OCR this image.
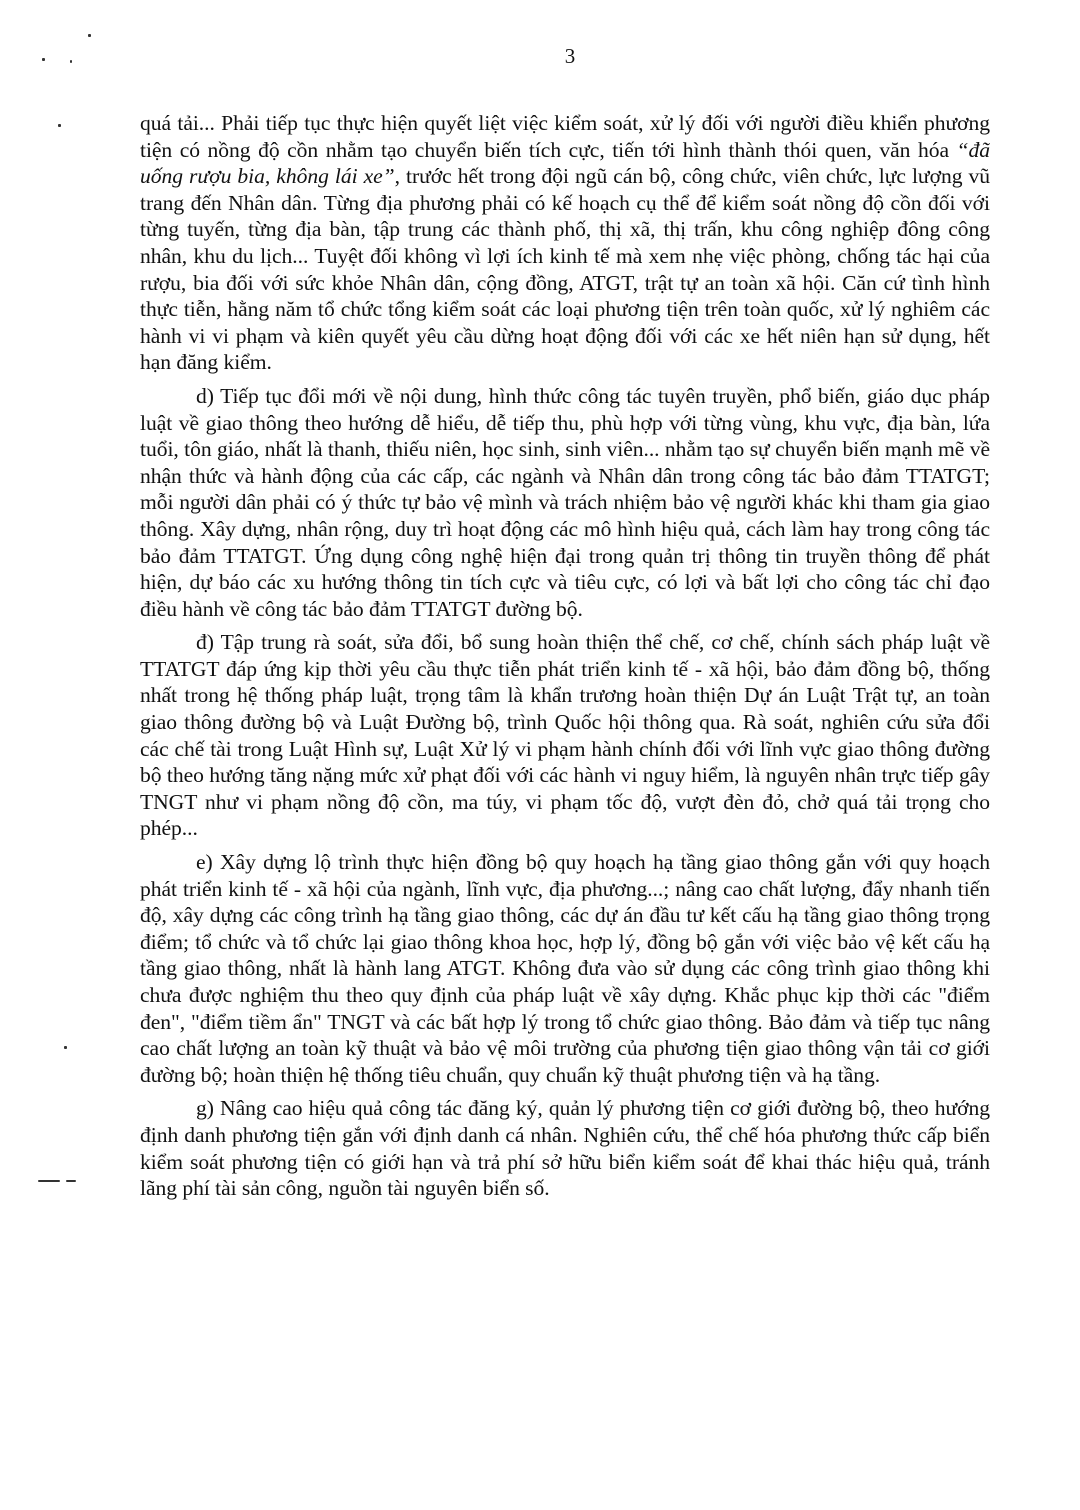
3

quá tải... Phải tiếp tục thực hiện quyết liệt việc kiểm soát, xử lý đối với người điều khiển phương tiện có nồng độ cồn nhằm tạo chuyển biến tích cực, tiến tới hình thành thói quen, văn hóa “đã uống rượu bia, không lái xe”, trước hết trong đội ngũ cán bộ, công chức, viên chức, lực lượng vũ trang đến Nhân dân. Từng địa phương phải có kế hoạch cụ thể để kiểm soát nồng độ cồn đối với từng tuyến, từng địa bàn, tập trung các thành phố, thị xã, thị trấn, khu công nghiệp đông công nhân, khu du lịch... Tuyệt đối không vì lợi ích kinh tế mà xem nhẹ việc phòng, chống tác hại của rượu, bia đối với sức khỏe Nhân dân, cộng đồng, ATGT, trật tự an toàn xã hội. Căn cứ tình hình thực tiễn, hằng năm tổ chức tổng kiểm soát các loại phương tiện trên toàn quốc, xử lý nghiêm các hành vi vi phạm và kiên quyết yêu cầu dừng hoạt động đối với các xe hết niên hạn sử dụng, hết hạn đăng kiểm.

d) Tiếp tục đổi mới về nội dung, hình thức công tác tuyên truyền, phổ biến, giáo dục pháp luật về giao thông theo hướng dễ hiểu, dễ tiếp thu, phù hợp với từng vùng, khu vực, địa bàn, lứa tuổi, tôn giáo, nhất là thanh, thiếu niên, học sinh, sinh viên... nhằm tạo sự chuyển biến mạnh mẽ về nhận thức và hành động của các cấp, các ngành và Nhân dân trong công tác bảo đảm TTATGT; mỗi người dân phải có ý thức tự bảo vệ mình và trách nhiệm bảo vệ người khác khi tham gia giao thông. Xây dựng, nhân rộng, duy trì hoạt động các mô hình hiệu quả, cách làm hay trong công tác bảo đảm TTATGT. Ứng dụng công nghệ hiện đại trong quản trị thông tin truyền thông để phát hiện, dự báo các xu hướng thông tin tích cực và tiêu cực, có lợi và bất lợi cho công tác chỉ đạo điều hành về công tác bảo đảm TTATGT đường bộ.

đ) Tập trung rà soát, sửa đổi, bổ sung hoàn thiện thể chế, cơ chế, chính sách pháp luật về TTATGT đáp ứng kịp thời yêu cầu thực tiễn phát triển kinh tế - xã hội, bảo đảm đồng bộ, thống nhất trong hệ thống pháp luật, trọng tâm là khẩn trương hoàn thiện Dự án Luật Trật tự, an toàn giao thông đường bộ và Luật Đường bộ, trình Quốc hội thông qua. Rà soát, nghiên cứu sửa đổi các chế tài trong Luật Hình sự, Luật Xử lý vi phạm hành chính đối với lĩnh vực giao thông đường bộ theo hướng tăng nặng mức xử phạt đối với các hành vi nguy hiểm, là nguyên nhân trực tiếp gây TNGT như vi phạm nồng độ cồn, ma túy, vi phạm tốc độ, vượt đèn đỏ, chở quá tải trọng cho phép...

e) Xây dựng lộ trình thực hiện đồng bộ quy hoạch hạ tầng giao thông gắn với quy hoạch phát triển kinh tế - xã hội của ngành, lĩnh vực, địa phương...; nâng cao chất lượng, đẩy nhanh tiến độ, xây dựng các công trình hạ tầng giao thông, các dự án đầu tư kết cấu hạ tầng giao thông trọng điểm; tổ chức và tổ chức lại giao thông khoa học, hợp lý, đồng bộ gắn với việc bảo vệ kết cấu hạ tầng giao thông, nhất là hành lang ATGT. Không đưa vào sử dụng các công trình giao thông khi chưa được nghiệm thu theo quy định của pháp luật về xây dựng. Khắc phục kịp thời các "điểm đen", "điểm tiềm ẩn" TNGT và các bất hợp lý trong tổ chức giao thông. Bảo đảm và tiếp tục nâng cao chất lượng an toàn kỹ thuật và bảo vệ môi trường của phương tiện giao thông vận tải cơ giới đường bộ; hoàn thiện hệ thống tiêu chuẩn, quy chuẩn kỹ thuật phương tiện và hạ tầng.

g) Nâng cao hiệu quả công tác đăng ký, quản lý phương tiện cơ giới đường bộ, theo hướng định danh phương tiện gắn với định danh cá nhân. Nghiên cứu, thể chế hóa phương thức cấp biển kiểm soát phương tiện có giới hạn và trả phí sở hữu biển kiểm soát để khai thác hiệu quả, tránh lãng phí tài sản công, nguồn tài nguyên biển số.
